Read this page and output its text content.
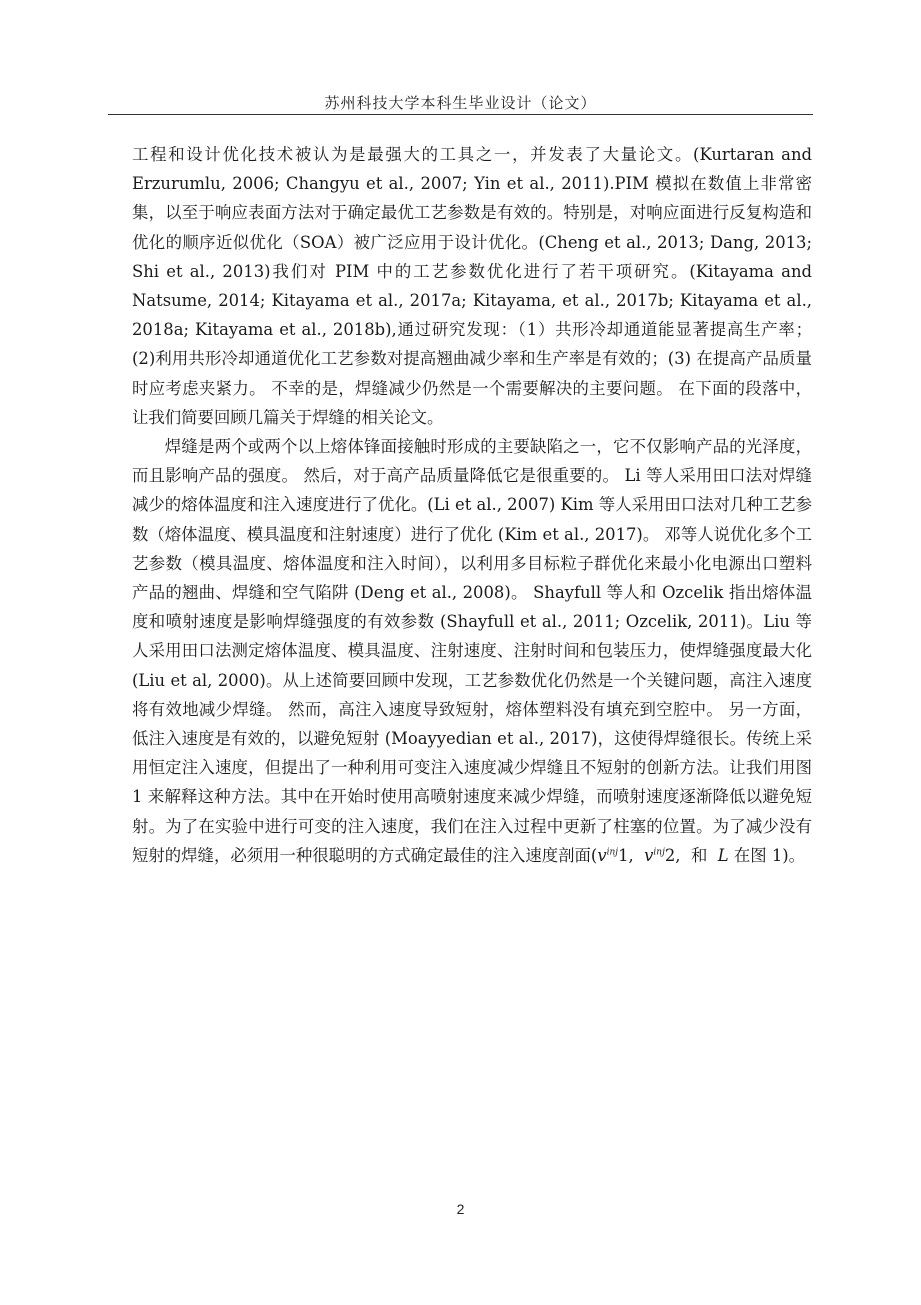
苏州科技大学本科生毕业设计（论文）

工程和设计优化技术被认为是最强大的工具之一，并发表了大量论文。(Kurtaran and Erzurumlu, 2006; Changyu et al., 2007; Yin et al., 2011).PIM 模拟在数值上非常密集，以至于响应表面方法对于确定最优工艺参数是有效的。特别是，对响应面进行反复构造和优化的顺序近似优化（SOA）被广泛应用于设计优化。(Cheng et al., 2013; Dang, 2013; Shi et al., 2013)我们对 PIM 中的工艺参数优化进行了若干项研究。(Kitayama and Natsume, 2014; Kitayama et al., 2017a; Kitayama, et al., 2017b; Kitayama et al., 2018a; Kitayama et al., 2018b),通过研究发现：（1）共形冷却通道能显著提高生产率；(2)利用共形冷却通道优化工艺参数对提高翘曲减少率和生产率是有效的；(3) 在提高产品质量时应考虑夹紧力。 不幸的是，焊缝减少仍然是一个需要解决的主要问题。 在下面的段落中，让我们简要回顾几篇关于焊缝的相关论文。

焊缝是两个或两个以上熔体锋面接触时形成的主要缺陷之一，它不仅影响产品的光泽度，而且影响产品的强度。 然后，对于高产品质量降低它是很重要的。 Li 等人采用田口法对焊缝减少的熔体温度和注入速度进行了优化。(Li et al., 2007) Kim 等人采用田口法对几种工艺参数（熔体温度、模具温度和注射速度）进行了优化 (Kim et al., 2017)。 邓等人说优化多个工艺参数（模具温度、熔体温度和注入时间），以利用多目标粒子群优化来最小化电源出口塑料产品的翘曲、焊缝和空气陷阱 (Deng et al., 2008)。 Shayfull 等人和 Ozcelik 指出熔体温度和喷射速度是影响焊缝强度的有效参数 (Shayfull et al., 2011; Ozcelik, 2011)。Liu 等人采用田口法测定熔体温度、模具温度、注射速度、注射时间和包装压力，使焊缝强度最大化(Liu et al, 2000)。从上述简要回顾中发现，工艺参数优化仍然是一个关键问题，高注入速度将有效地减少焊缝。 然而，高注入速度导致短射，熔体塑料没有填充到空腔中。 另一方面，低注入速度是有效的，以避免短射 (Moayyedian et al., 2017)，这使得焊缝很长。传统上采用恒定注入速度，但提出了一种利用可变注入速度减少焊缝且不短射的创新方法。让我们用图 1 来解释这种方法。其中在开始时使用高喷射速度来减少焊缝，而喷射速度逐渐降低以避免短射。为了在实验中进行可变的注入速度，我们在注入过程中更新了柱塞的位置。为了减少没有短射的焊缝，必须用一种很聪明的方式确定最佳的注入速度剖面($v^{inj}1$, $v^{inj}2$, 和 L 在图 1)。

2
